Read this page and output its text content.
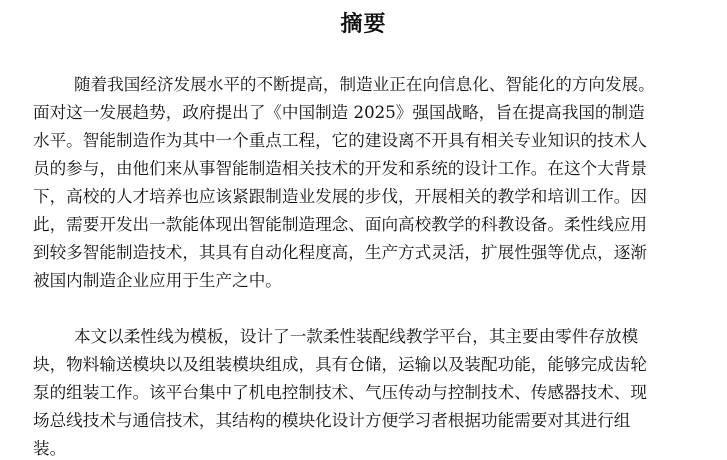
摘要
随着我国经济发展水平的不断提高，制造业正在向信息化、智能化的方向发展。
面对这一发展趋势，政府提出了《中国制造 2025》强国战略，旨在提高我国的制造
水平。智能制造作为其中一个重点工程，它的建设离不开具有相关专业知识的技术人
员的参与，由他们来从事智能制造相关技术的开发和系统的设计工作。在这个大背景
下，高校的人才培养也应该紧跟制造业发展的步伐，开展相关的教学和培训工作。因
此，需要开发出一款能体现出智能制造理念、面向高校教学的科教设备。柔性线应用
到较多智能制造技术，其具有自动化程度高，生产方式灵活，扩展性强等优点，逐渐
被国内制造企业应用于生产之中。
本文以柔性线为模板，设计了一款柔性装配线教学平台，其主要由零件存放模
块，物料输送模块以及组装模块组成，具有仓储，运输以及装配功能，能够完成齿轮
泵的组装工作。该平台集中了机电控制技术、气压传动与控制技术、传感器技术、现
场总线技术与通信技术，其结构的模块化设计方便学习者根据功能需要对其进行组
装。
